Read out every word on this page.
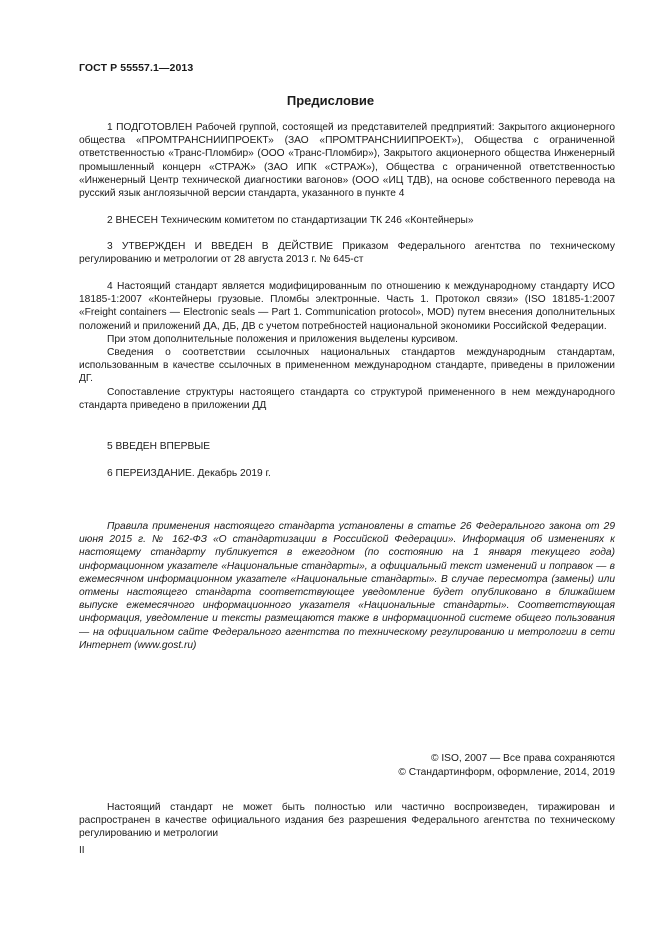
ГОСТ Р 55557.1—2013
Предисловие

1 ПОДГОТОВЛЕН Рабочей группой, состоящей из представителей предприятий: Закрытого акционерного общества «ПРОМТРАНСНИИПРОЕКТ» (ЗАО «ПРОМТРАНСНИИПРОЕКТ»), Общества с ограниченной ответственностью «Транс-Пломбир» (ООО «Транс-Пломбир»), Закрытого акционерного общества Инженерный промышленный концерн «СТРАЖ» (ЗАО ИПК «СТРАЖ»), Общества с ограниченной ответственностью «Инженерный Центр технической диагностики вагонов» (ООО «ИЦ ТДВ), на основе собственного перевода на русский язык англоязычной версии стандарта, указанного в пункте 4

2 ВНЕСЕН Техническим комитетом по стандартизации ТК 246 «Контейнеры»

3 УТВЕРЖДЕН И ВВЕДЕН В ДЕЙСТВИЕ Приказом Федерального агентства по техническому регулированию и метрологии от 28 августа 2013 г. № 645-ст

4 Настоящий стандарт является модифицированным по отношению к международному стандарту ИСО 18185-1:2007 «Контейнеры грузовые. Пломбы электронные. Часть 1. Протокол связи» (ISO 18185-1:2007 «Freight containers — Electronic seals — Part 1. Communication protocol», MOD) путем внесения дополнительных положений и приложений ДА, ДБ, ДВ с учетом потребностей национальной экономики Российской Федерации.

При этом дополнительные положения и приложения выделены курсивом.

Сведения о соответствии ссылочных национальных стандартов международным стандартам, использованным в качестве ссылочных в примененном международном стандарте, приведены в приложении ДГ.

Сопоставление структуры настоящего стандарта со структурой примененного в нем международного стандарта приведено в приложении ДД

5 ВВЕДЕН ВПЕРВЫЕ

6 ПЕРЕИЗДАНИЕ. Декабрь 2019 г.

Правила применения настоящего стандарта установлены в статье 26 Федерального закона от 29 июня 2015 г. № 162-ФЗ «О стандартизации в Российской Федерации». Информация об изменениях к настоящему стандарту публикуется в ежегодном (по состоянию на 1 января текущего года) информационном указателе «Национальные стандарты», а официальный текст изменений и поправок — в ежемесячном информационном указателе «Национальные стандарты». В случае пересмотра (замены) или отмены настоящего стандарта соответствующее уведомление будет опубликовано в ближайшем выпуске ежемесячного информационного указателя «Национальные стандарты». Соответствующая информация, уведомление и тексты размещаются также в информационной системе общего пользования — на официальном сайте Федерального агентства по техническому регулированию и метрологии в сети Интернет (www.gost.ru)

© ISO, 2007 — Все права сохраняются
© Стандартинформ, оформление, 2014, 2019

Настоящий стандарт не может быть полностью или частично воспроизведен, тиражирован и распространен в качестве официального издания без разрешения Федерального агентства по техническому регулированию и метрологии

II
